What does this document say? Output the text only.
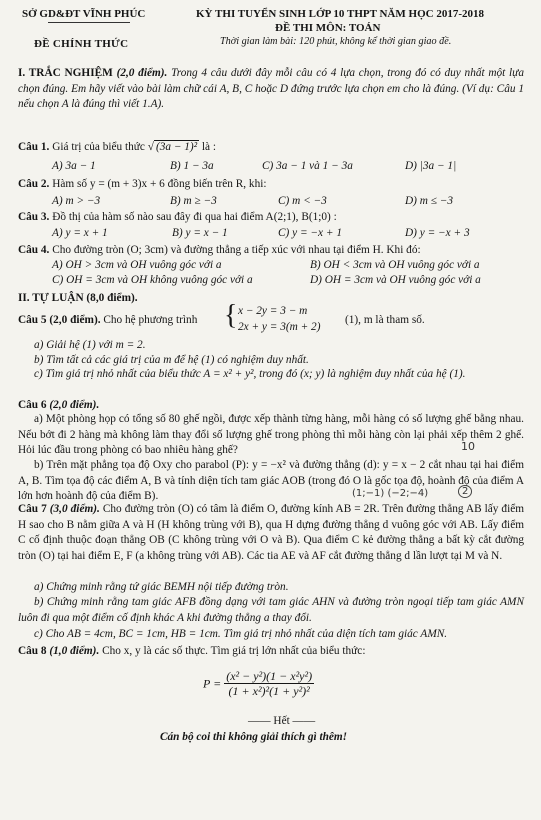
SỞ GD&ĐT VĨNH PHÚC	KỲ THI TUYỂN SINH LỚP 10 THPT NĂM HỌC 2017-2018
ĐỀ THI MÔN: TOÁN
ĐỀ CHÍNH THỨC	Thời gian làm bài: 120 phút, không kể thời gian giao đề.
I. TRẮC NGHIỆM (2,0 điểm). Trong 4 câu dưới đây mỗi câu có 4 lựa chọn, trong đó có duy nhất một lựa chọn đúng. Em hãy viết vào bài làm chữ cái A, B, C hoặc D đứng trước lựa chọn em cho là đúng. (Ví dụ: Câu 1 nếu chọn A là đúng thì viết 1.A).
Câu 1. Giá trị của biểu thức √ (3a − 1)² là :
A) 3a − 1	B) 1 − 3a	C) 3a − 1 và 1 − 3a	D) |3a − 1|
Câu 2. Hàm số y = (m + 3)x + 6 đồng biến trên R, khi:
A) m > −3	B) m ≥ −3	C) m < −3	D) m ≤ −3
Câu 3. Đồ thị của hàm số nào sau đây đi qua hai điểm A(2;1), B(1;0) :
A) y = x + 1	B) y = x − 1	C) y = −x + 1	D) y = −x + 3
Câu 4. Cho đường tròn (O; 3cm) và đường thẳng a tiếp xúc với nhau tại điểm H. Khi đó:
A) OH > 3cm và OH vuông góc với a	B) OH < 3cm và OH vuông góc với a
C) OH = 3cm và OH không vuông góc với a	D) OH = 3cm và OH vuông góc với a
II. TỰ LUẬN (8,0 điểm).
Câu 5 (2,0 điểm). Cho hệ phương trình { x − 2y = 3 − m
2x + y = 3(m + 2)
(1), m là tham số.
a) Giải hệ (1) với m = 2.
b) Tìm tất cả các giá trị của m để hệ (1) có nghiệm duy nhất.
c) Tìm giá trị nhỏ nhất của biểu thức A = x² + y², trong đó (x; y) là nghiệm duy nhất của hệ (1).
Câu 6 (2,0 điểm).
a) Một phòng họp có tổng số 80 ghế ngồi, được xếp thành từng hàng, mỗi hàng có số lượng ghế bằng nhau. Nếu bớt đi 2 hàng mà không làm thay đổi số lượng ghế trong phòng thì mỗi hàng còn lại phải xếp thêm 2 ghế. Hỏi lúc đầu trong phòng có bao nhiêu hàng ghế?	10
b) Trên mặt phẳng tọa độ Oxy cho parabol (P): y = −x² và đường thẳng (d): y = x − 2 cắt nhau tại hai điểm A, B. Tìm tọa độ các điểm A, B và tính diện tích tam giác AOB (trong đó O là gốc tọa độ, hoành độ của điểm A lớn hơn hoành độ của điểm B).
Câu 7 (3,0 điểm). Cho đường tròn (O) có tâm là điểm O, đường kính AB = 2R. Trên đường thẳng AB lấy điểm H sao cho B nằm giữa A và H (H không trùng với B), qua H dựng đường thẳng d vuông góc với AB. Lấy điểm C cố định thuộc đoạn thẳng OB (C không trùng với O và B). Qua điểm C kẻ đường thẳng a bất kỳ cắt đường tròn (O) tại hai điểm E, F (a không trùng với AB). Các tia AE và AF cắt đường thẳng d lần lượt tại M và N.
(1;−1) (−2;−4)	2
a) Chứng minh rằng tứ giác BEMH nội tiếp đường tròn.
b) Chứng minh rằng tam giác AFB đồng dạng với tam giác AHN và đường tròn ngoại tiếp tam giác AMN luôn đi qua một điểm cố định khác A khi đường thẳng a thay đổi.
c) Cho AB = 4cm, BC = 1cm, HB = 1cm. Tìm giá trị nhỏ nhất của diện tích tam giác AMN.
Câu 8 (1,0 điểm). Cho x, y là các số thực. Tìm giá trị lớn nhất của biểu thức:
$P = \frac{\text{(x² − y²)(1 − x²y²)}}{\text{(1 + x²)²(1 + y²)²}}$
—— Hết ——
Cán bộ coi thi không giải thích gì thêm!
